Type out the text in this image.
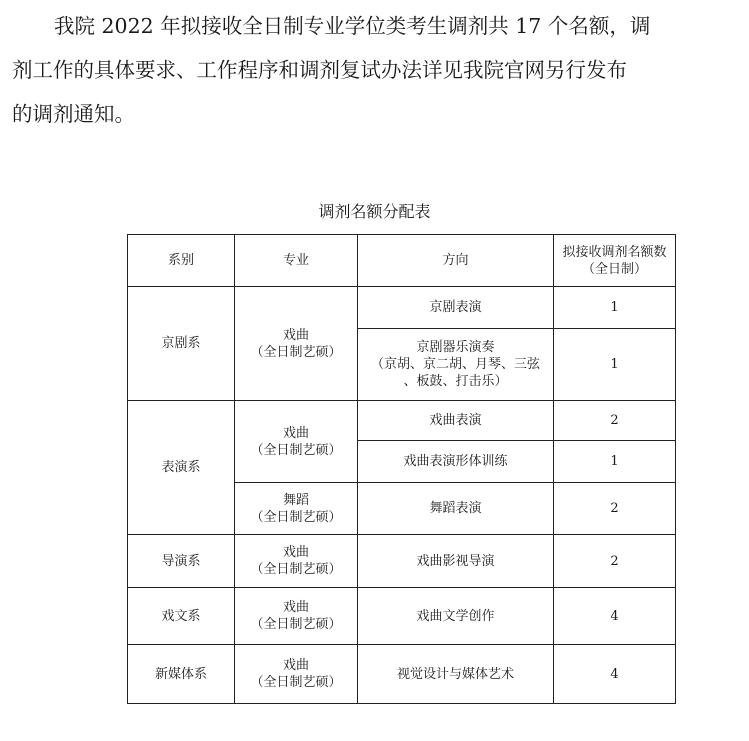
我院 2022 年拟接收全日制专业学位类考生调剂共 17 个名额，调

剂工作的具体要求、工作程序和调剂复试办法详见我院官网另行发布

的调剂通知。

调剂名额分配表
系别	专业	方向	拟接收调剂名额数
（全日制）
京剧系	戏曲
（全日制艺硕）	京剧表演	1
		京剧器乐演奏
（京胡、京二胡、月琴、三弦
、板鼓、打击乐）	1
表演系	戏曲
（全日制艺硕）	戏曲表演	2
		戏曲表演形体训练	1
	舞蹈
（全日制艺硕）	舞蹈表演	2
导演系	戏曲
（全日制艺硕）	戏曲影视导演	2
戏文系	戏曲
（全日制艺硕）	戏曲文学创作	4
新媒体系	戏曲
（全日制艺硕）	视觉设计与媒体艺术	4
